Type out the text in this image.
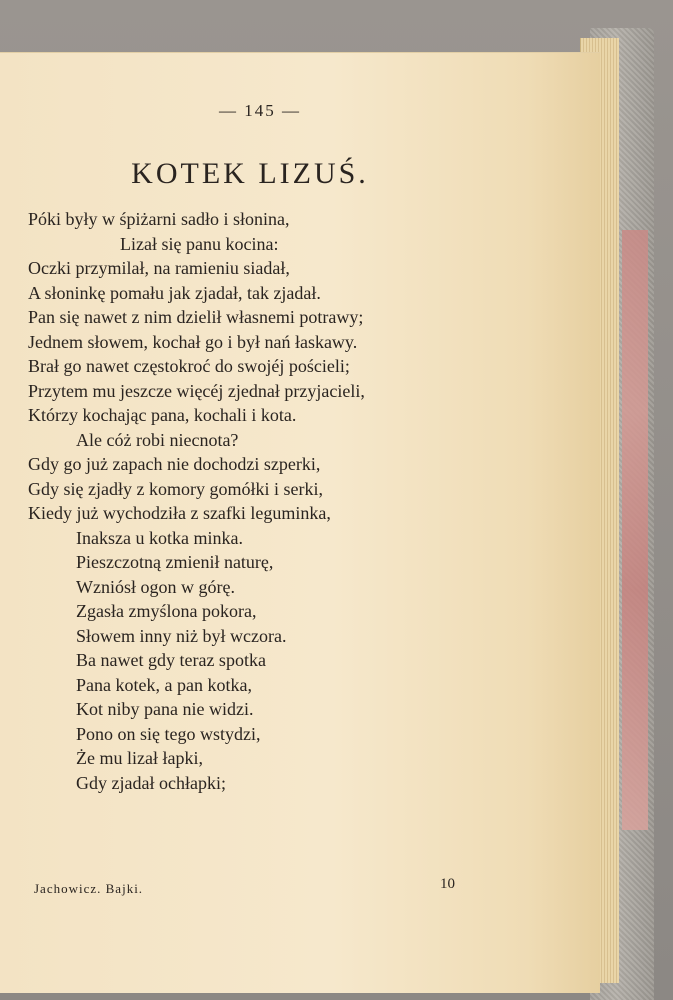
— 145 —
KOTEK LIZUŚ.
Póki były w śpiżarni sadło i słonina,
Lizał się panu kocina:
Oczki przymilał, na ramieniu siadał,
A słoninkę pomału jak zjadał, tak zjadał.
Pan się nawet z nim dzielił własnemi potrawy;
Jednem słowem, kochał go i był nań łaskawy.
Brał go nawet częstokroć do swojéj pościeli;
Przytem mu jeszcze więcéj zjednał przyjacieli,
Którzy kochając pana, kochali i kota.
Ale cóż robi niecnota?
Gdy go już zapach nie dochodzi szperki,
Gdy się zjadły z komory gomółki i serki,
Kiedy już wychodziła z szafki leguminka,
Inaksza u kotka minka.
Pieszczotną zmienił naturę,
Wzniósł ogon w górę.
Zgasła zmyślona pokora,
Słowem inny niż był wczora.
Ba nawet gdy teraz spotka
Pana kotek, a pan kotka,
Kot niby pana nie widzi.
Pono on się tego wstydzi,
Że mu lizał łapki,
Gdy zjadał ochłapki;
Jachowicz. Bajki.	10
